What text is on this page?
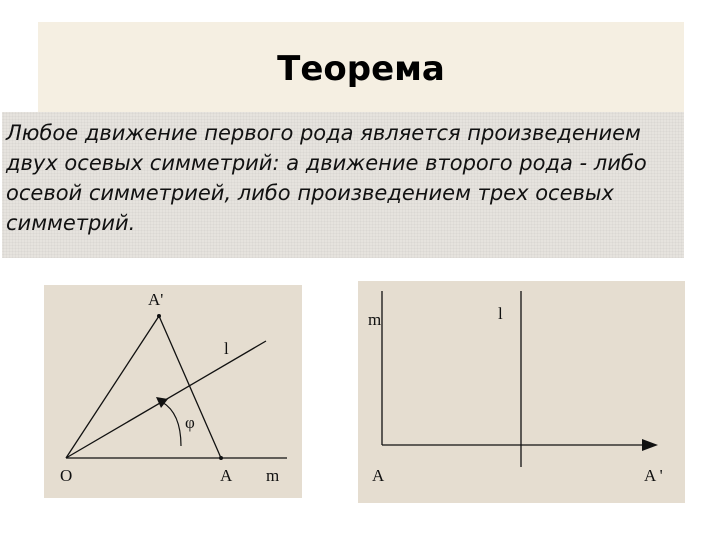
Теорема

Любое движение первого рода является произведением двух осевых симметрий: а движение второго рода - либо осевой симметрией, либо произведением трех осевых симметрий.

A'
l
φ
O	A m
m	l
A	A '
